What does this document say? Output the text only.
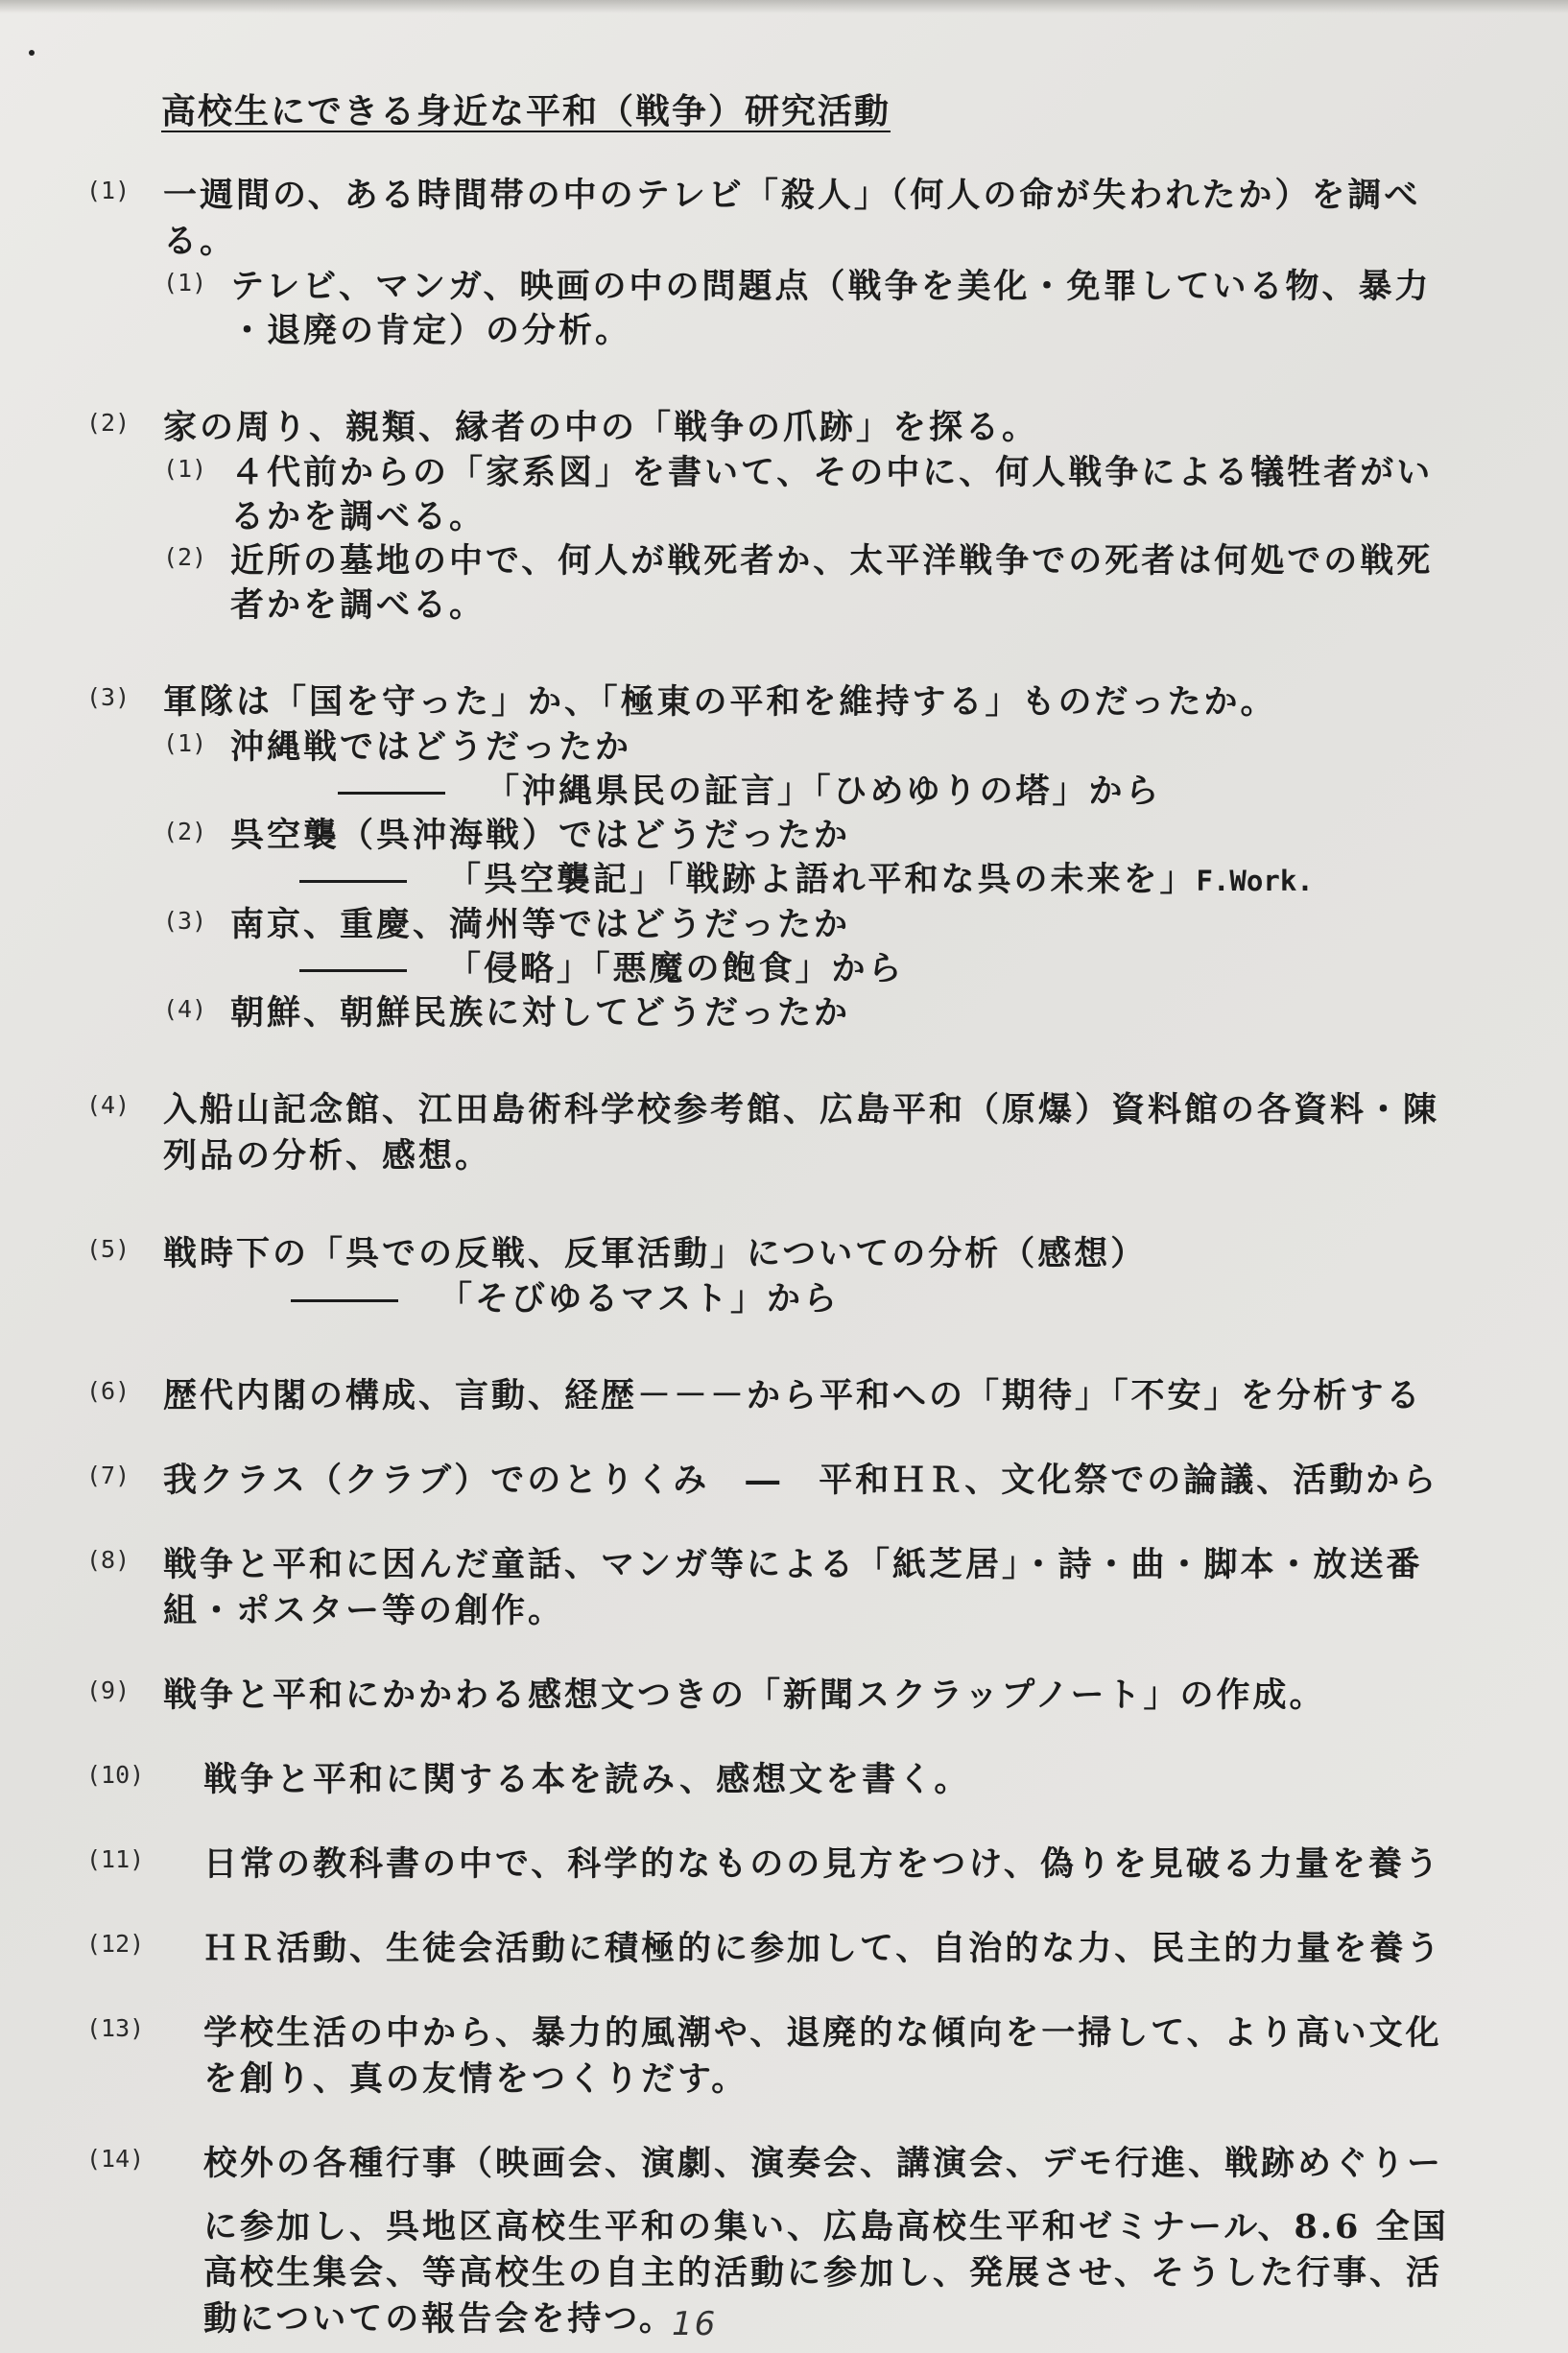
高校生にできる身近な平和（戦争）研究活動
(1) 一週間の、ある時間帯の中のテレビ「殺人」（何人の命が失われたか）を調べ
る。
(1) テレビ、マンガ、映画の中の問題点（戦争を美化・免罪している物、暴力
・退廃の肯定）の分析。
(2) 家の周り、親類、縁者の中の「戦争の爪跡」を探る。
(1) ４代前からの「家系図」を書いて、その中に、何人戦争による犠牲者がい
るかを調べる。
(2) 近所の墓地の中で、何人が戦死者か、太平洋戦争での死者は何処での戦死
者かを調べる。
(3) 軍隊は「国を守った」か、「極東の平和を維持する」ものだったか。
(1) 沖縄戦ではどうだったか
「沖縄県民の証言」「ひめゆりの塔」から
(2) 呉空襲（呉沖海戦）ではどうだったか
「呉空襲記」「戦跡よ語れ平和な呉の未来を」F.Work.
(3) 南京、重慶、満州等ではどうだったか
「侵略」「悪魔の飽食」から
(4) 朝鮮、朝鮮民族に対してどうだったか
(4) 入船山記念館、江田島術科学校参考館、広島平和（原爆）資料館の各資料・陳
列品の分析、感想。
(5) 戦時下の「呉での反戦、反軍活動」についての分析（感想）
「そびゆるマスト」から
(6) 歴代内閣の構成、言動、経歴－－－から平和への「期待」「不安」を分析する
(7) 我クラス（クラブ）でのとりくみ　―　平和ＨＲ、文化祭での論議、活動から
(8) 戦争と平和に因んだ童話、マンガ等による「紙芝居」・詩・曲・脚本・放送番
組・ポスター等の創作。
(9) 戦争と平和にかかわる感想文つきの「新聞スクラップノート」の作成。
(10)	戦争と平和に関する本を読み、感想文を書く。
(11)	日常の教科書の中で、科学的なものの見方をつけ、偽りを見破る力量を養う
(12)	ＨＲ活動、生徒会活動に積極的に参加して、自治的な力、民主的力量を養う
(13)	学校生活の中から、暴力的風潮や、退廃的な傾向を一掃して、より高い文化
を創り、真の友情をつくりだす。
(14)	校外の各種行事（映画会、演劇、演奏会、講演会、デモ行進、戦跡めぐりー
に参加し、呉地区高校生平和の集い、広島高校生平和ゼミナール、8.6 全国
高校生集会、等高校生の自主的活動に参加し、発展させ、そうした行事、活
動についての報告会を持つ。
16
